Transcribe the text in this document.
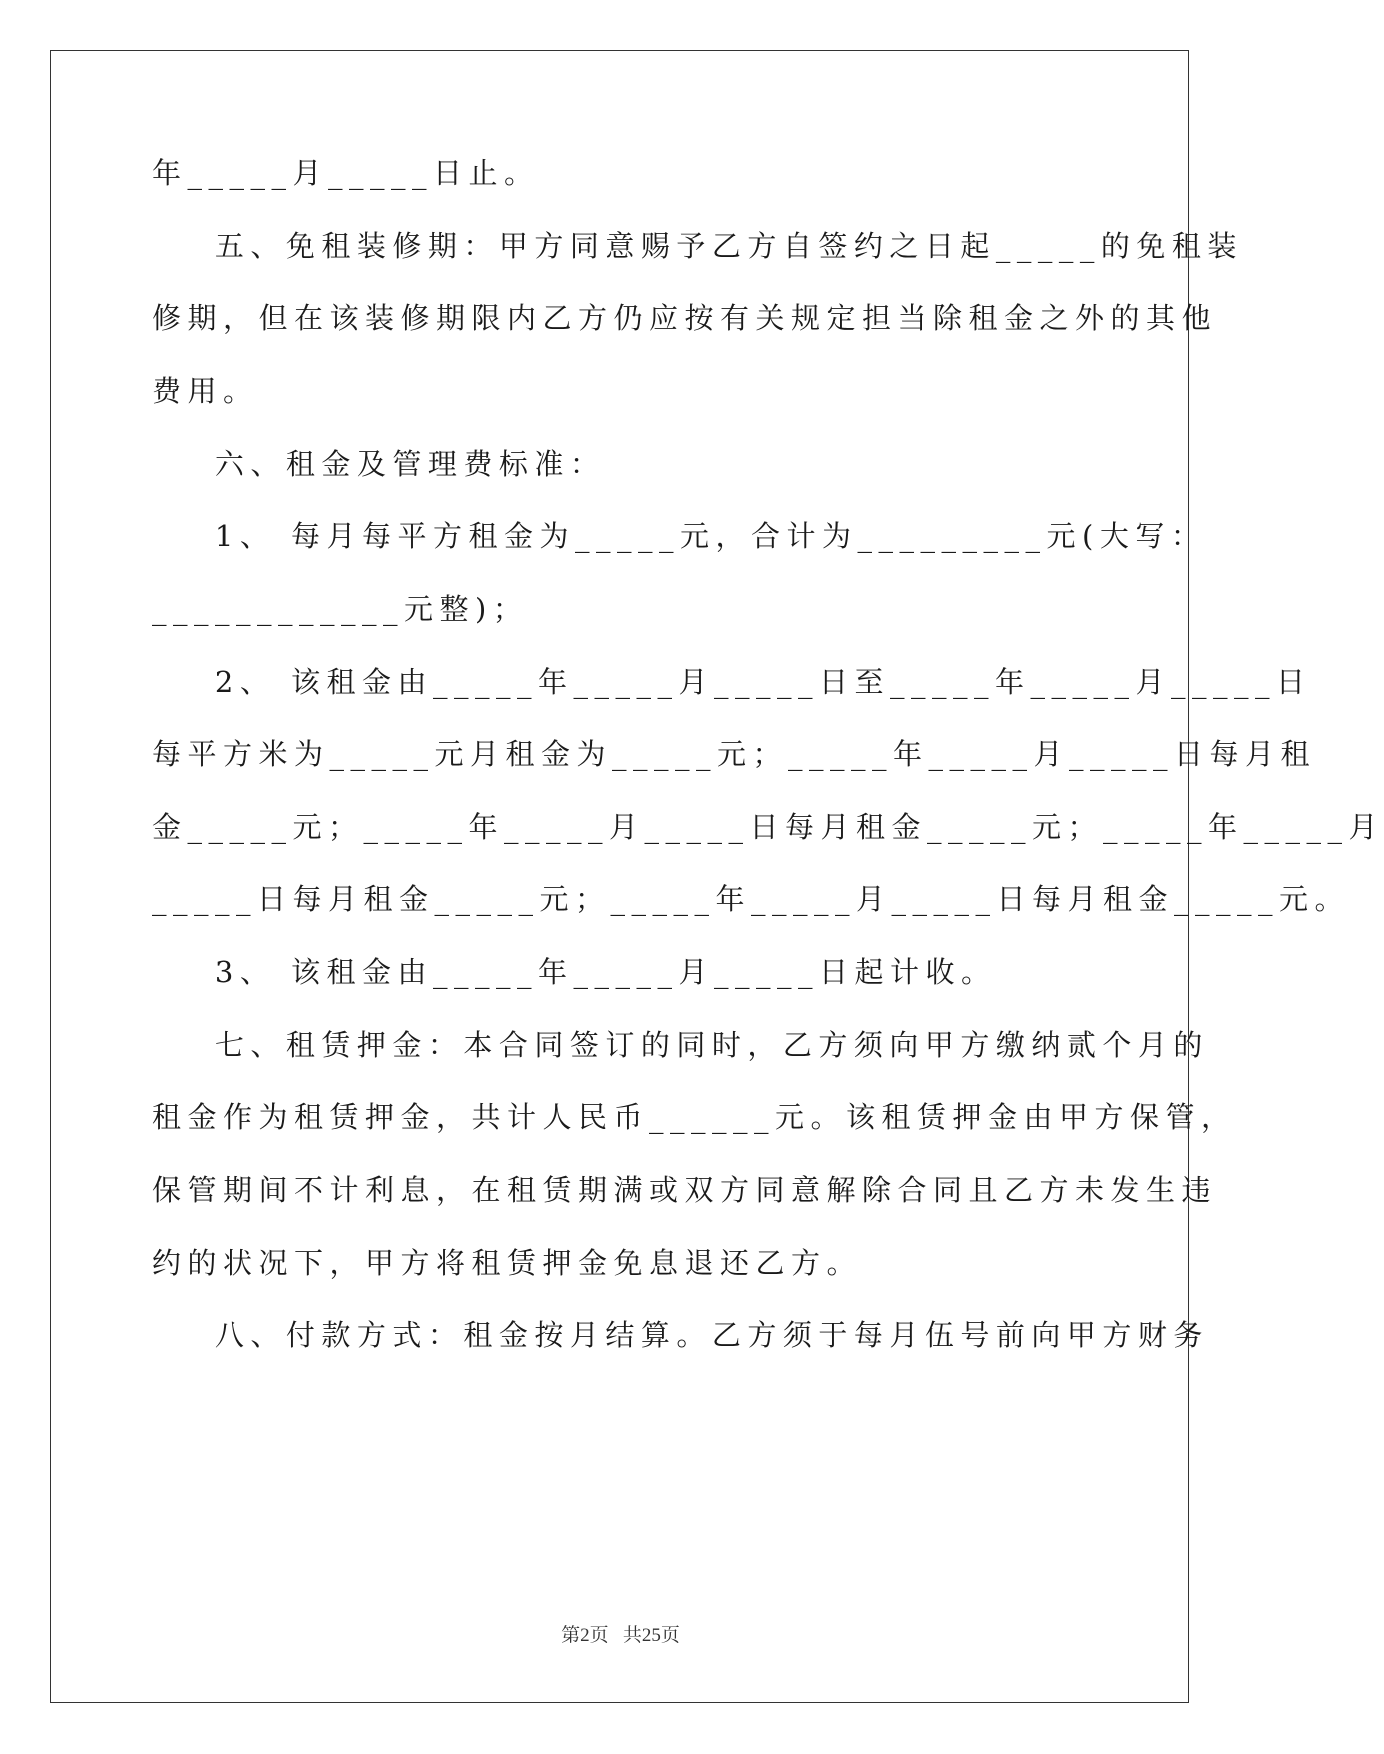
年_____月_____日止。
五、免租装修期：甲方同意赐予乙方自签约之日起_____的免租装
修期，但在该装修期限内乙方仍应按有关规定担当除租金之外的其他
费用。
六、租金及管理费标准：
1、 每月每平方租金为_____元，合计为_________元(大写：
____________元整)；
2、 该租金由_____年_____月_____日至_____年_____月_____日
每平方米为_____元月租金为_____元；_____年_____月_____日每月租
金_____元；_____年_____月_____日每月租金_____元；_____年_____月
_____日每月租金_____元；_____年_____月_____日每月租金_____元。
3、 该租金由_____年_____月_____日起计收。
七、租赁押金：本合同签订的同时，乙方须向甲方缴纳贰个月的
租金作为租赁押金，共计人民币______元。该租赁押金由甲方保管，
保管期间不计利息，在租赁期满或双方同意解除合同且乙方未发生违
约的状况下，甲方将租赁押金免息退还乙方。
八、付款方式：租金按月结算。乙方须于每月伍号前向甲方财务
第2页   共25页
